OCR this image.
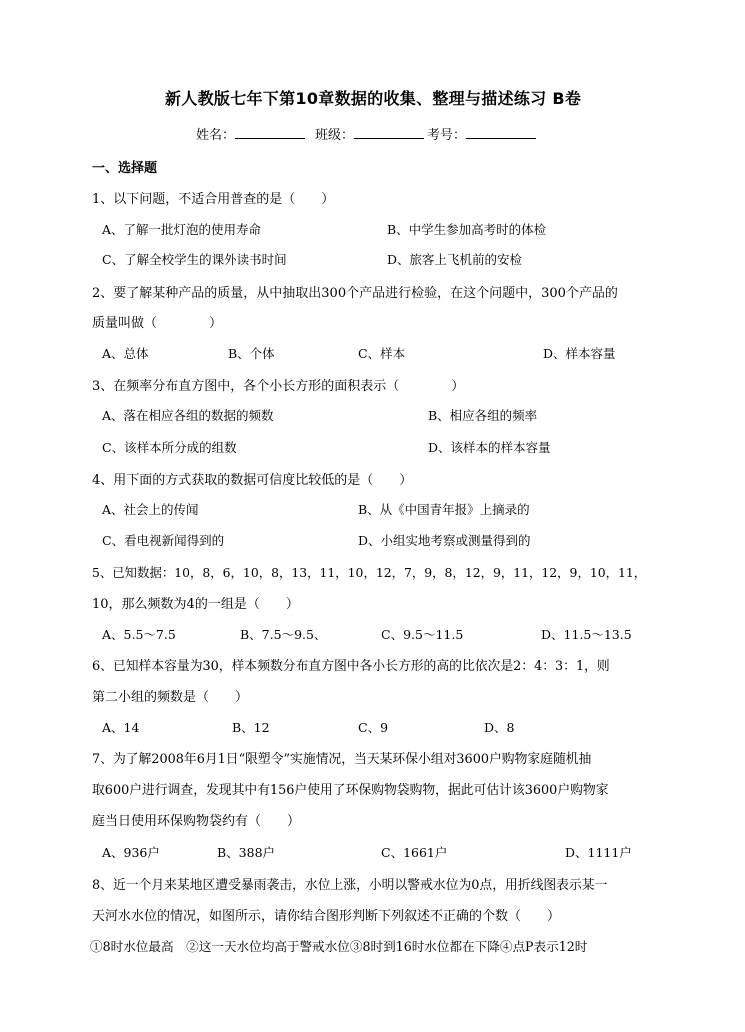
新人教版七年下第10章数据的收集、整理与描述练习 B卷
姓名：	班级：	考号：
一、选择题
1、以下问题，不适合用普查的是（　　）
A、了解一批灯泡的使用寿命	B、中学生参加高考时的体检
C、了解全校学生的课外读书时间	D、旅客上飞机前的安检
2、要了解某种产品的质量，从中抽取出300个产品进行检验，在这个问题中，300个产品的
质量叫做（　　　　）
A、总体	B、个体	C、样本	D、样本容量
3、在频率分布直方图中，各个小长方形的面积表示（　　　　）
A、落在相应各组的数据的频数	B、相应各组的频率
C、该样本所分成的组数	D、该样本的样本容量
4、用下面的方式获取的数据可信度比较低的是（　　）
A、社会上的传闻	B、从《中国青年报》上摘录的
C、看电视新闻得到的	D、小组实地考察或测量得到的
5、已知数据：10，8，6，10，8，13，11，10，12，7，9，8，12，9，11，12，9，10，11，
10，那么频数为4的一组是（　　）
A、5.5～7.5	B、7.5～9.5、	C、9.5～11.5	D、11.5～13.5
6、已知样本容量为30，样本频数分布直方图中各小长方形的高的比依次是2：4：3：1，则
第二小组的频数是（　　）
A、14	B、12	C、9	D、8
7、为了解2008年6月1日“限塑令”实施情况，当天某环保小组对3600户购物家庭随机抽
取600户进行调查，发现其中有156户使用了环保购物袋购物，据此可估计该3600户购物家
庭当日使用环保购物袋约有（　　）
A、936户	B、388户	C、1661户	D、1111户
8、近一个月来某地区遭受暴雨袭击，水位上涨，小明以警戒水位为0点，用折线图表示某一
天河水水位的情况，如图所示，请你结合图形判断下列叙述不正确的个数（　　）
①8时水位最高　②这一天水位均高于警戒水位③8时到16时水位都在下降④点P表示12时
